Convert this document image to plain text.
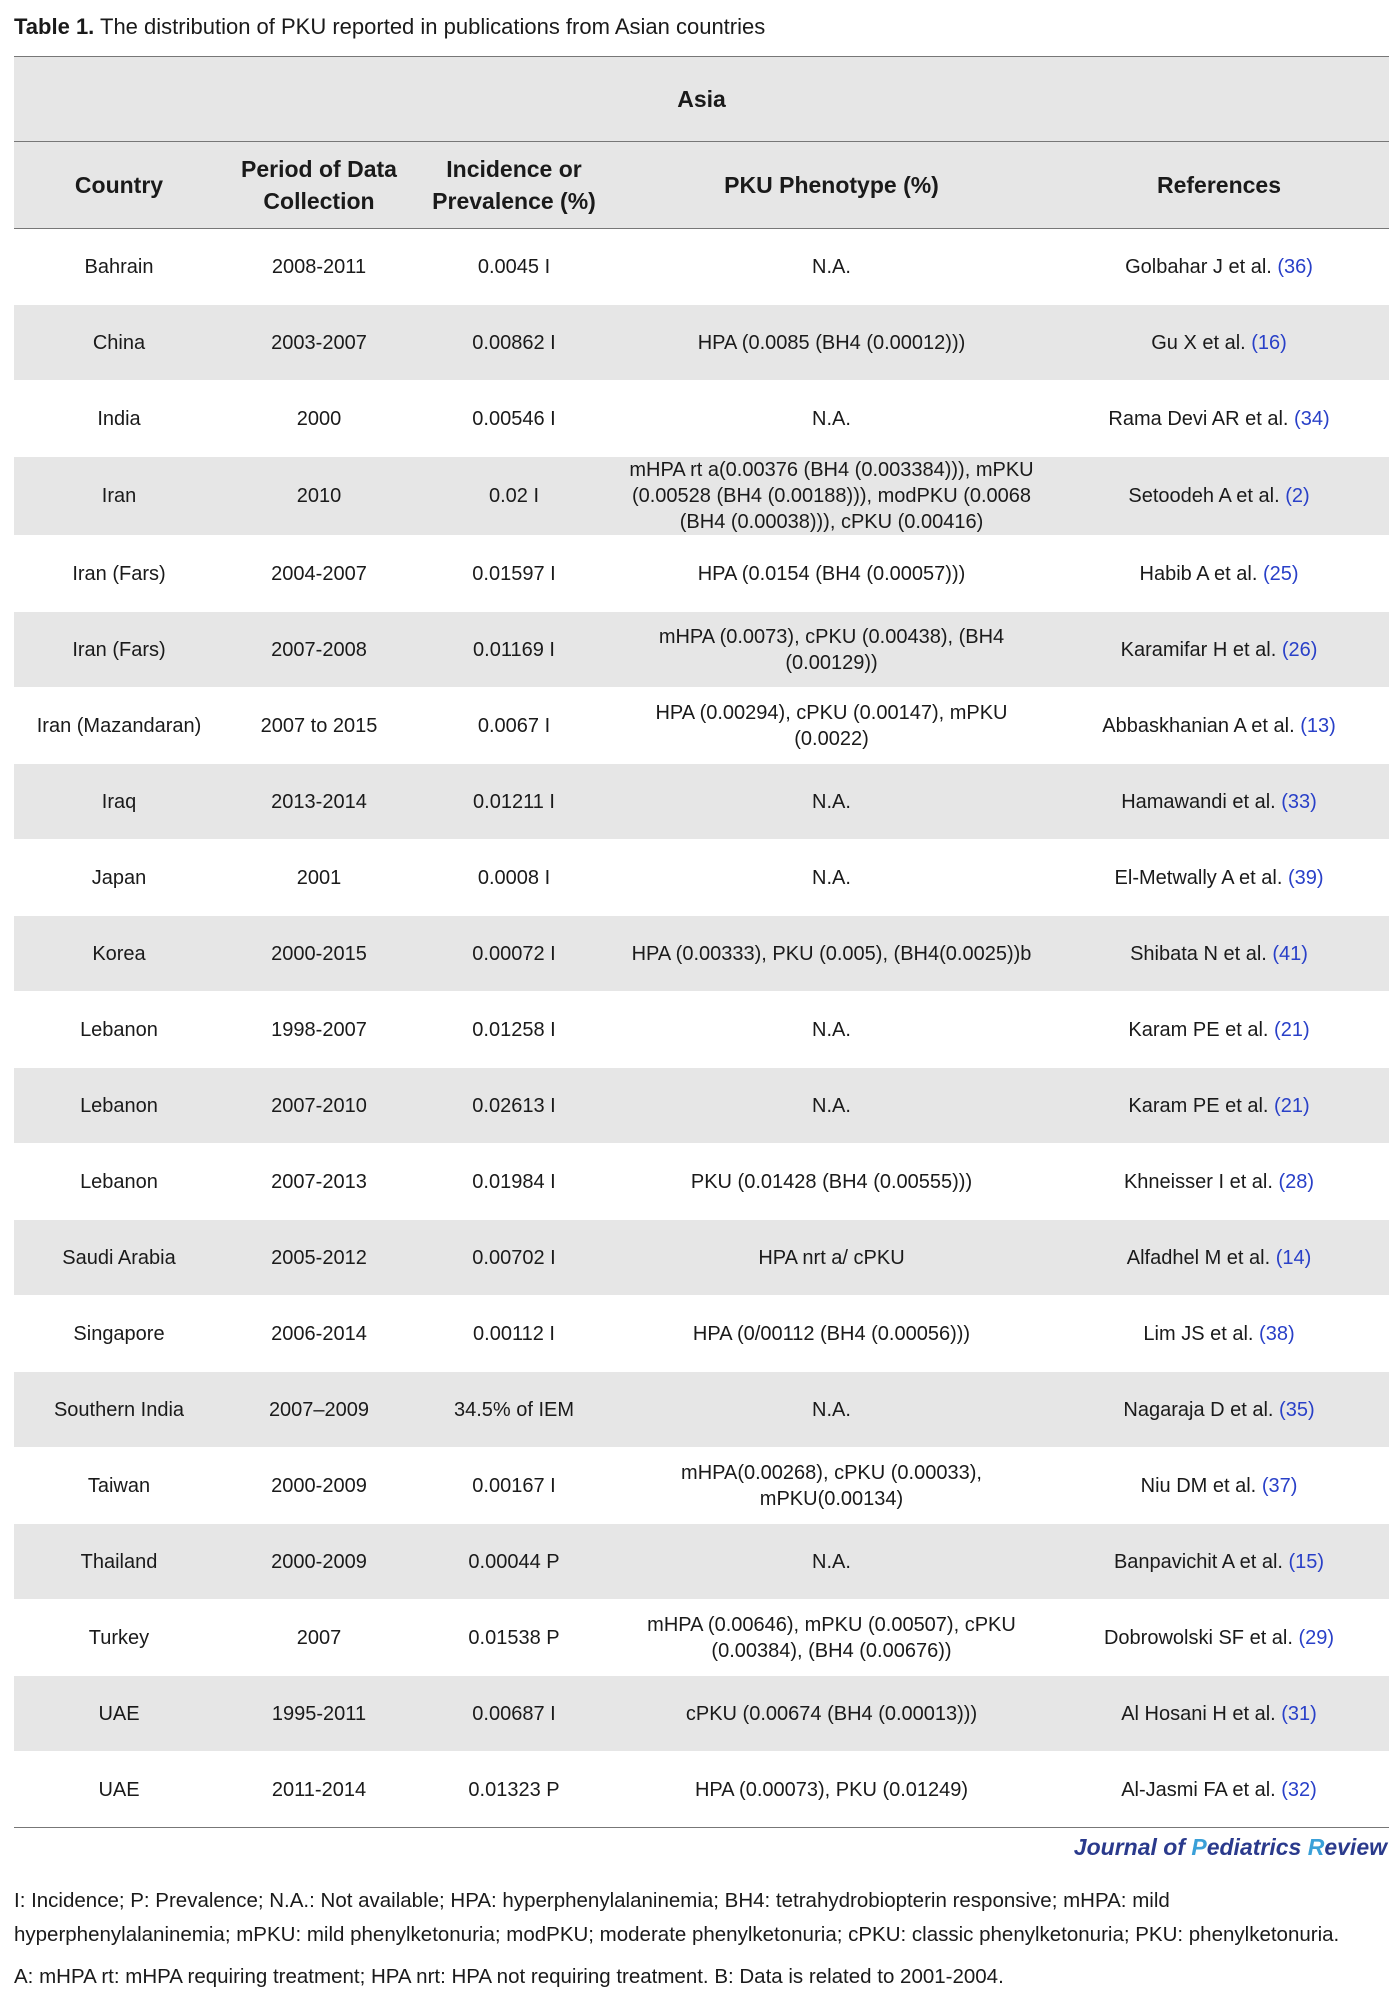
Table 1. The distribution of PKU reported in publications from Asian countries
Asia				
Country	Period of Data Collection	Incidence or Prevalence (%)	PKU Phenotype (%)	References
Bahrain	2008-2011	0.0045 I	N.A.	Golbahar J et al. (36)
China	2003-2007	0.00862 I	HPA (0.0085 (BH4 (0.00012)))	Gu X et al. (16)
India	2000	0.00546 I	N.A.	Rama Devi AR et al. (34)
Iran	2010	0.02 I	mHPA rt a(0.00376 (BH4 (0.003384))), mPKU (0.00528 (BH4 (0.00188))), modPKU (0.0068 (BH4 (0.00038))), cPKU (0.00416)	Setoodeh A et al. (2)
Iran (Fars)	2004-2007	0.01597 I	HPA (0.0154 (BH4 (0.00057)))	Habib A et al. (25)
Iran (Fars)	2007-2008	0.01169 I	mHPA (0.0073), cPKU (0.00438), (BH4 (0.00129))	Karamifar H et al. (26)
Iran (Mazandaran)	2007 to 2015	0.0067 I	HPA (0.00294), cPKU (0.00147), mPKU (0.0022)	Abbaskhanian A et al. (13)
Iraq	2013-2014	0.01211 I	N.A.	Hamawandi et al. (33)
Japan	2001	0.0008 I	N.A.	El-Metwally A et al. (39)
Korea	2000-2015	0.00072 I	HPA (0.00333), PKU (0.005), (BH4(0.0025))b	Shibata N et al. (41)
Lebanon	1998-2007	0.01258 I	N.A.	Karam PE et al. (21)
Lebanon	2007-2010	0.02613 I	N.A.	Karam PE et al. (21)
Lebanon	2007-2013	0.01984 I	PKU (0.01428 (BH4 (0.00555)))	Khneisser I et al. (28)
Saudi Arabia	2005-2012	0.00702 I	HPA nrt a/ cPKU	Alfadhel M et al. (14)
Singapore	2006-2014	0.00112 I	HPA (0/00112 (BH4 (0.00056)))	Lim JS et al. (38)
Southern India	2007–2009	34.5% of IEM	N.A.	Nagaraja D et al. (35)
Taiwan	2000-2009	0.00167 I	mHPA(0.00268), cPKU (0.00033), mPKU(0.00134)	Niu DM et al. (37)
Thailand	2000-2009	0.00044 P	N.A.	Banpavichit A et al. (15)
Turkey	2007	0.01538 P	mHPA (0.00646), mPKU (0.00507), cPKU (0.00384), (BH4 (0.00676))	Dobrowolski SF et al. (29)
UAE	1995-2011	0.00687 I	cPKU (0.00674 (BH4 (0.00013)))	Al Hosani H et al. (31)
UAE	2011-2014	0.01323 P	HPA (0.00073), PKU (0.01249)	Al-Jasmi FA et al. (32)
Journal of Pediatrics Review

I: Incidence; P: Prevalence; N.A.: Not available; HPA: hyperphenylalaninemia; BH4: tetrahydrobiopterin responsive; mHPA: mild hyperphenylalaninemia; mPKU: mild phenylketonuria; modPKU; moderate phenylketonuria; cPKU: classic phenylketonuria; PKU: phenylketonuria.

A: mHPA rt: mHPA requiring treatment; HPA nrt: HPA not requiring treatment. B: Data is related to 2001-2004.
